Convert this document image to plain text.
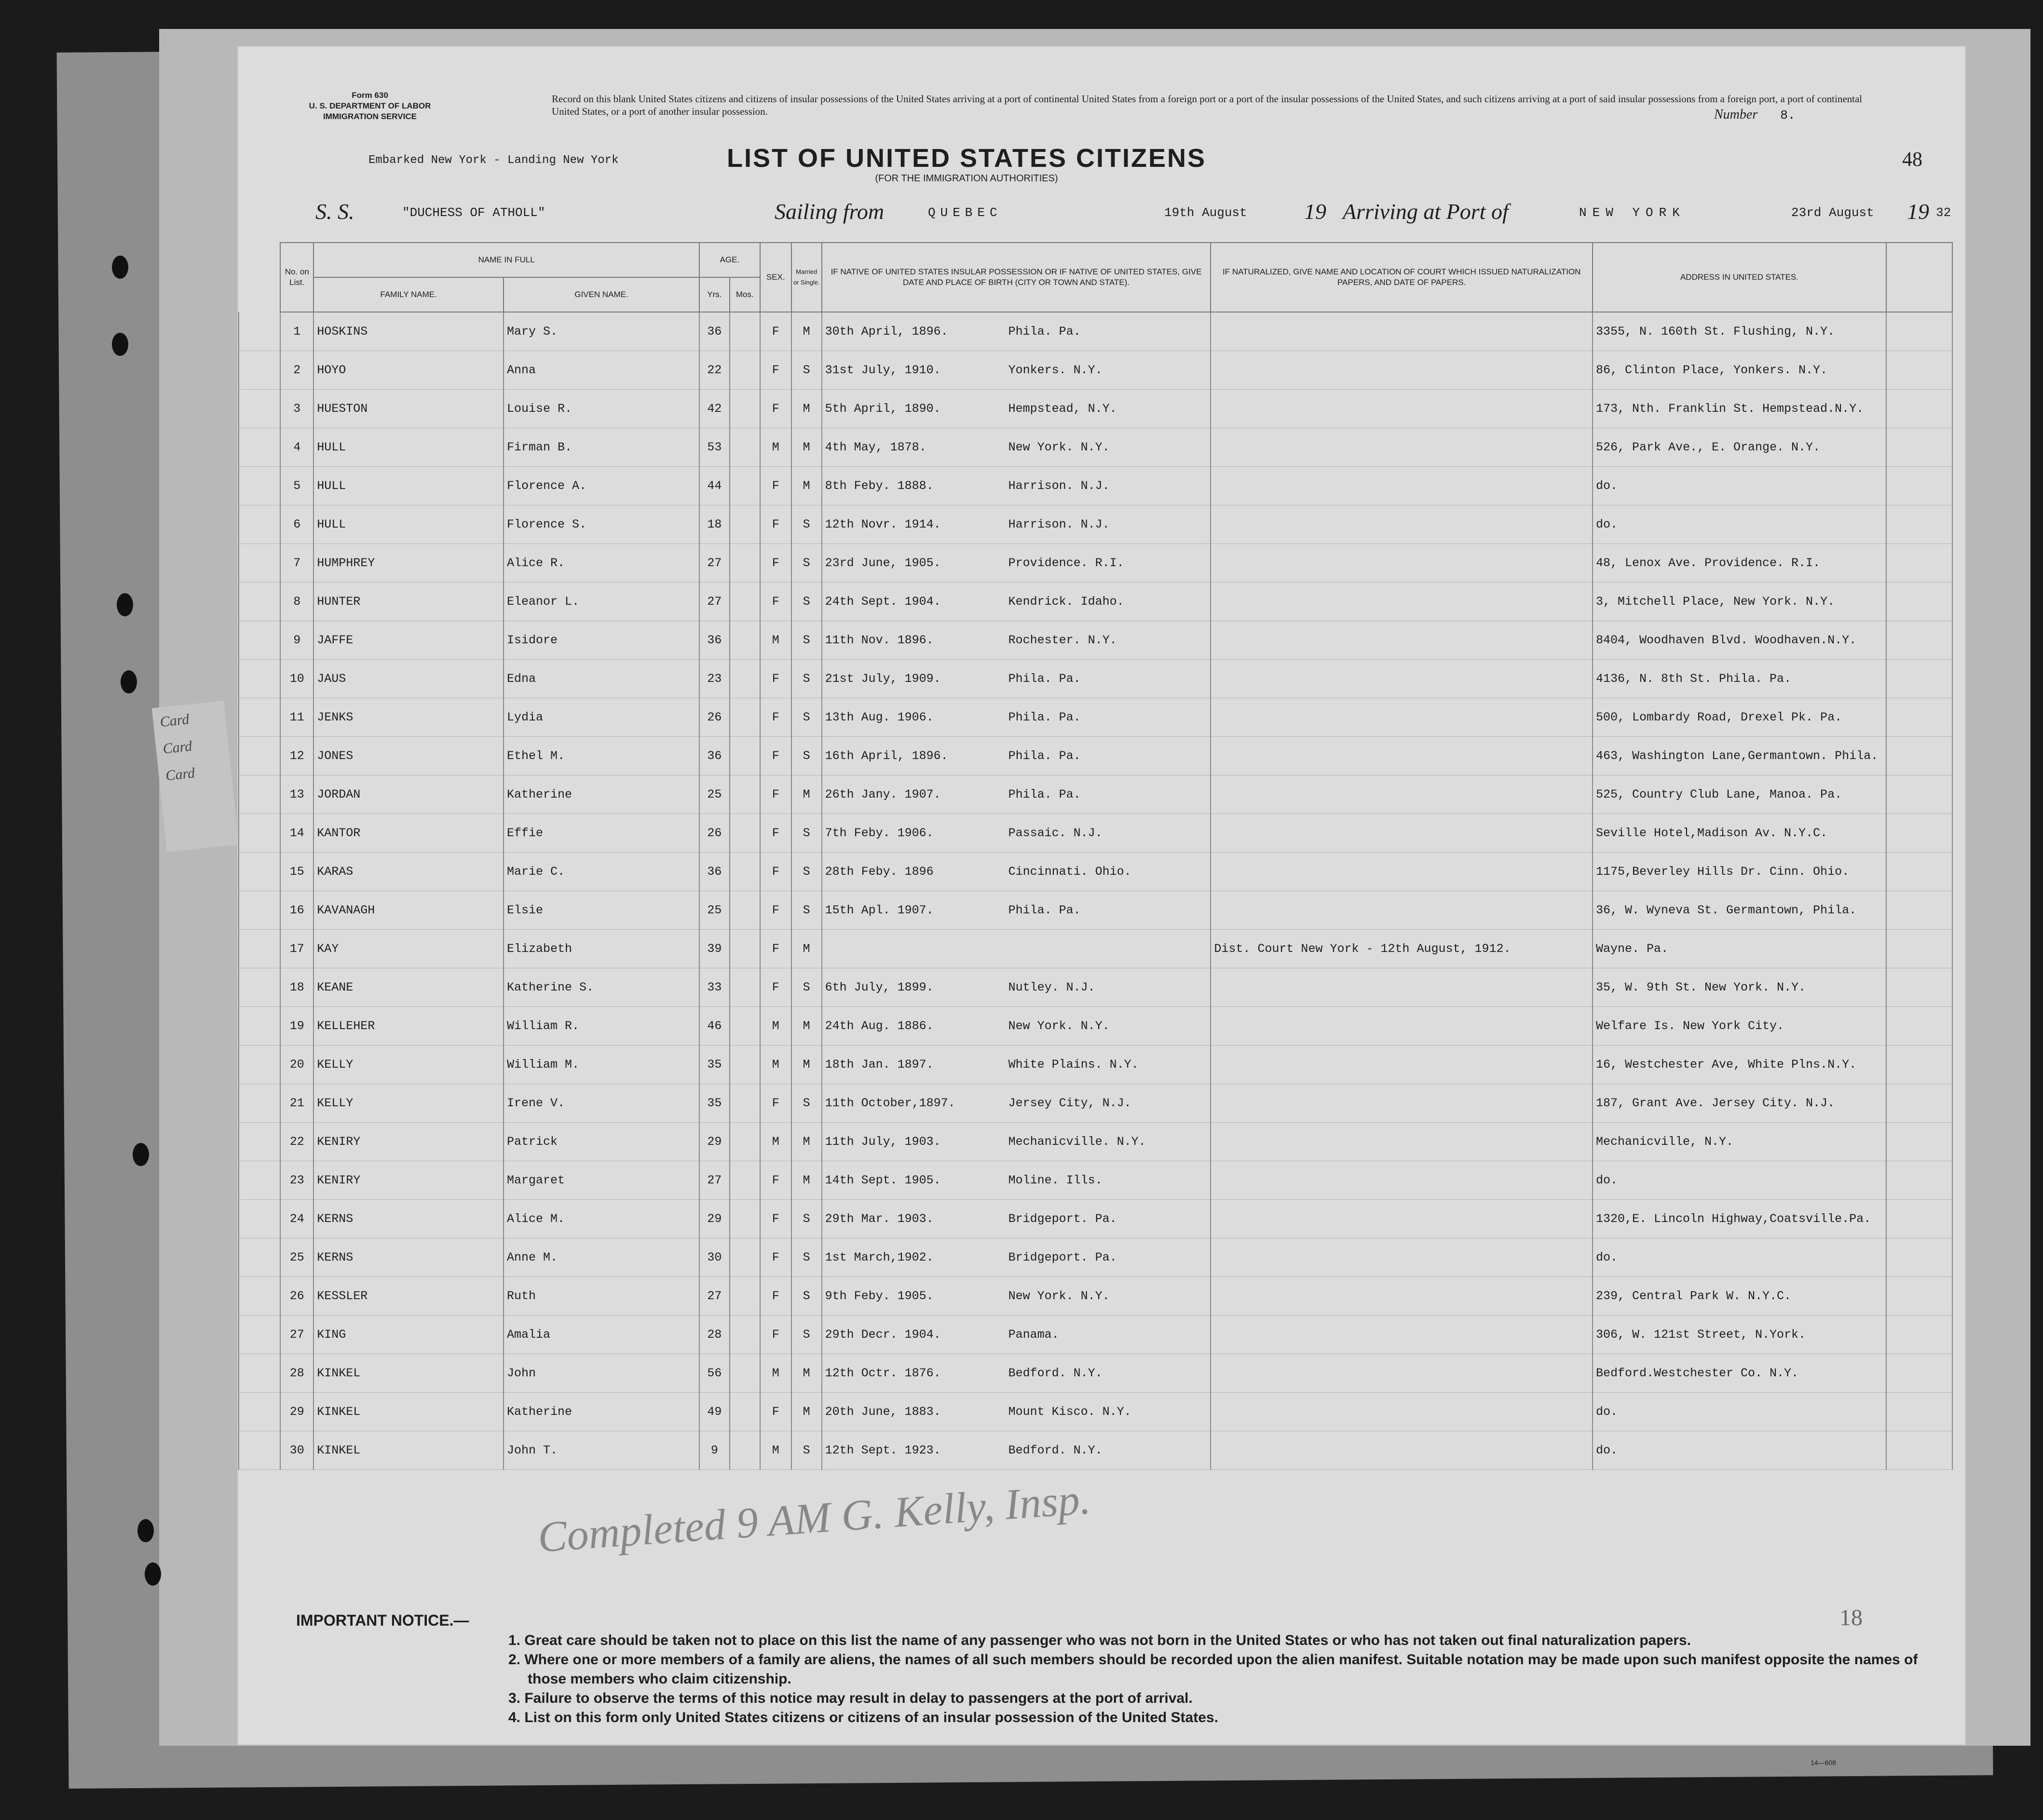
Card
Card
Card
Form 630
U. S. DEPARTMENT OF LABOR
IMMIGRATION SERVICE
Record on this blank United States citizens and citizens of insular possessions of the United States arriving at a port of continental United States from a foreign port or a port of the insular possessions of the United States, and such citizens arriving at a port of said insular possessions from a foreign port, a port of continental United States, or a port of another insular possession.	Number 8.
48
Embarked New York - Landing New York	LIST OF UNITED STATES CITIZENS
(FOR THE IMMIGRATION AUTHORITIES)
S. S.	"DUCHESS OF ATHOLL"	Sailing from	QUEBEC	19th August	19 Arriving at Port of	NEW YORK	23rd August 19 32
	No. on List.	NAME IN FULL		AGE.		SEX.	Married or Single.	IF NATIVE OF UNITED STATES INSULAR POSSESSION OR IF NATIVE OF UNITED STATES, GIVE DATE AND PLACE OF BIRTH (CITY OR TOWN AND STATE).	IF NATURALIZED, GIVE NAME AND LOCATION OF COURT WHICH ISSUED NATURALIZATION PAPERS, AND DATE OF PAPERS.	ADDRESS IN UNITED STATES.	
		FAMILY NAME.	GIVEN NAME.	Yrs.	Mos.						
	1	HOSKINS	Mary S.	36		F	M	30th April, 1896. Phila. Pa.		3355, N. 160th St. Flushing, N.Y.	
	2	HOYO	Anna	22		F	S	31st July, 1910. Yonkers. N.Y.		86, Clinton Place, Yonkers. N.Y.	
	3	HUESTON	Louise R.	42		F	M	5th April, 1890. Hempstead, N.Y.		173, Nth. Franklin St. Hempstead.N.Y.	
	4	HULL	Firman B.	53		M	M	4th May, 1878. New York. N.Y.		526, Park Ave., E. Orange. N.Y.	
	5	HULL	Florence A.	44		F	M	8th Feby. 1888. Harrison. N.J.		do.	
	6	HULL	Florence S.	18		F	S	12th Novr. 1914. Harrison. N.J.		do.	
	7	HUMPHREY	Alice R.	27		F	S	23rd June, 1905. Providence. R.I.		48, Lenox Ave. Providence. R.I.	
	8	HUNTER	Eleanor L.	27		F	S	24th Sept. 1904. Kendrick. Idaho.		3, Mitchell Place, New York. N.Y.	
	9	JAFFE	Isidore	36		M	S	11th Nov. 1896. Rochester. N.Y.		8404, Woodhaven Blvd. Woodhaven.N.Y.	
	10	JAUS	Edna	23		F	S	21st July, 1909. Phila. Pa.		4136, N. 8th St. Phila. Pa.	
	11	JENKS	Lydia	26		F	S	13th Aug. 1906. Phila. Pa.		500, Lombardy Road, Drexel Pk. Pa.	
	12	JONES	Ethel M.	36		F	S	16th April, 1896. Phila. Pa.		463, Washington Lane,Germantown. Phila.	
	13	JORDAN	Katherine	25		F	M	26th Jany. 1907. Phila. Pa.		525, Country Club Lane, Manoa. Pa.	
	14	KANTOR	Effie	26		F	S	7th Feby. 1906. Passaic. N.J.		Seville Hotel,Madison Av. N.Y.C.	
	15	KARAS	Marie C.	36		F	S	28th Feby. 1896 Cincinnati. Ohio.		1175,Beverley Hills Dr. Cinn. Ohio.	
	16	KAVANAGH	Elsie	25		F	S	15th Apl. 1907. Phila. Pa.		36, W. Wyneva St. Germantown, Phila.	
	17	KAY	Elizabeth	39		F	M		Dist. Court New York - 12th August, 1912.	Wayne. Pa.	
	18	KEANE	Katherine S.	33		F	S	6th July, 1899. Nutley. N.J.		35, W. 9th St. New York. N.Y.	
	19	KELLEHER	William R.	46		M	M	24th Aug. 1886. New York. N.Y.		Welfare Is. New York City.	
	20	KELLY	William M.	35		M	M	18th Jan. 1897. White Plains. N.Y.		16, Westchester Ave, White Plns.N.Y.	
	21	KELLY	Irene V.	35		F	S	11th October,1897. Jersey City, N.J.		187, Grant Ave. Jersey City. N.J.	
	22	KENIRY	Patrick	29		M	M	11th July, 1903. Mechanicville. N.Y.		Mechanicville, N.Y.	
	23	KENIRY	Margaret	27		F	M	14th Sept. 1905. Moline. Ills.		do.	
	24	KERNS	Alice M.	29		F	S	29th Mar. 1903. Bridgeport. Pa.		1320,E. Lincoln Highway,Coatsville.Pa.	
	25	KERNS	Anne M.	30		F	S	1st March,1902. Bridgeport. Pa.		do.	
	26	KESSLER	Ruth	27		F	S	9th Feby. 1905. New York. N.Y.		239, Central Park W. N.Y.C.	
	27	KING	Amalia	28		F	S	29th Decr. 1904. Panama.		306, W. 121st Street, N.York.	
	28	KINKEL	John	56		M	M	12th Octr. 1876. Bedford. N.Y.		Bedford.Westchester Co. N.Y.	
	29	KINKEL	Katherine	49		F	M	20th June, 1883. Mount Kisco. N.Y.		do.	
	30	KINKEL	John T.	9		M	S	12th Sept. 1923. Bedford. N.Y.		do.	
Completed 9 AM G. Kelly, Insp.
18
IMPORTANT NOTICE.—
1. Great care should be taken not to place on this list the name of any passenger who was not born in the United States or who has not taken out final naturalization papers.
2. Where one or more members of a family are aliens, the names of all such members should be recorded upon the alien manifest. Suitable notation may be made upon such manifest opposite the names of those members who claim citizenship.
3. Failure to observe the terms of this notice may result in delay to passengers at the port of arrival.
4. List on this form only United States citizens or citizens of an insular possession of the United States.
14—608
